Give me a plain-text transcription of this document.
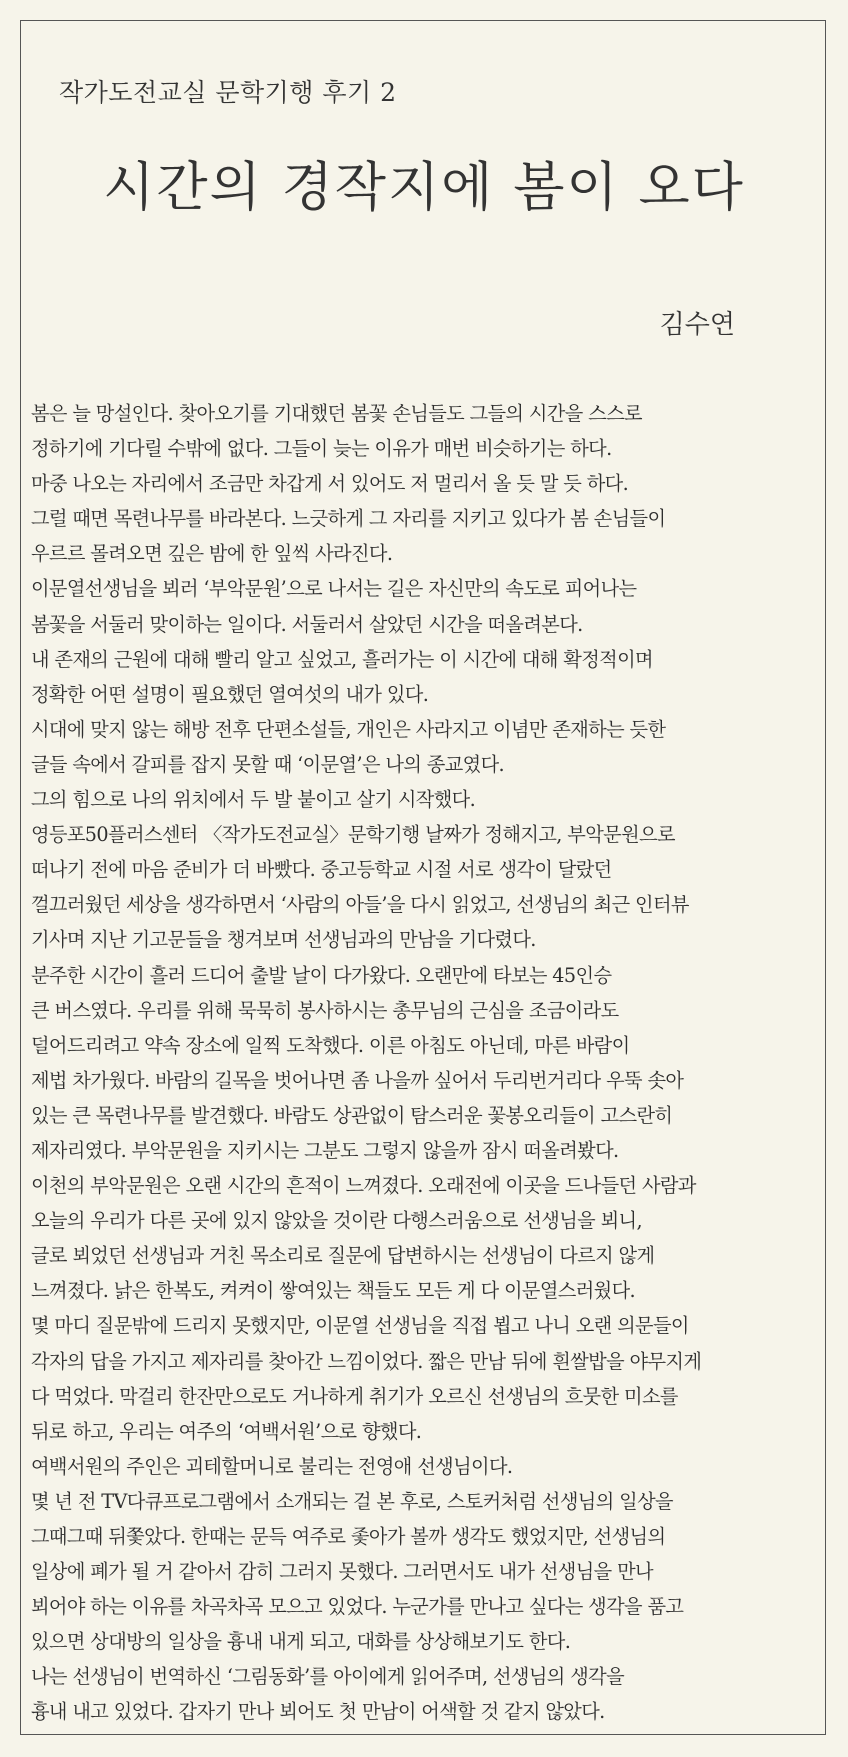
작가도전교실 문학기행 후기 2
시간의 경작지에 봄이 오다
김수연
봄은 늘 망설인다. 찾아오기를 기대했던 봄꽃 손님들도 그들의 시간을 스스로
정하기에 기다릴 수밖에 없다. 그들이 늦는 이유가 매번 비슷하기는 하다.
마중 나오는 자리에서 조금만 차갑게 서 있어도 저 멀리서 올 듯 말 듯 하다.
그럴 때면 목련나무를 바라본다. 느긋하게 그 자리를 지키고 있다가 봄 손님들이
우르르 몰려오면 깊은 밤에 한 잎씩 사라진다.
이문열선생님을 뵈러 ‘부악문원’으로 나서는 길은 자신만의 속도로 피어나는
봄꽃을 서둘러 맞이하는 일이다. 서둘러서 살았던 시간을 떠올려본다.
내 존재의 근원에 대해 빨리 알고 싶었고, 흘러가는 이 시간에 대해 확정적이며
정확한 어떤 설명이 필요했던 열여섯의 내가 있다.
시대에 맞지 않는 해방 전후 단편소설들, 개인은 사라지고 이념만 존재하는 듯한
글들 속에서 갈피를 잡지 못할 때 ‘이문열’은 나의 종교였다.
그의 힘으로 나의 위치에서 두 발 붙이고 살기 시작했다.
영등포50플러스센터 〈작가도전교실〉문학기행 날짜가 정해지고, 부악문원으로
떠나기 전에 마음 준비가 더 바빴다. 중고등학교 시절 서로 생각이 달랐던
껄끄러웠던 세상을 생각하면서 ‘사람의 아들’을 다시 읽었고, 선생님의 최근 인터뷰
기사며 지난 기고문들을 챙겨보며 선생님과의 만남을 기다렸다.
분주한 시간이 흘러 드디어 출발 날이 다가왔다. 오랜만에 타보는 45인승
큰 버스였다. 우리를 위해 묵묵히 봉사하시는 총무님의 근심을 조금이라도
덜어드리려고 약속 장소에 일찍 도착했다. 이른 아침도 아닌데, 마른 바람이
제법 차가웠다. 바람의 길목을 벗어나면 좀 나을까 싶어서 두리번거리다 우뚝 솟아
있는 큰 목련나무를 발견했다. 바람도 상관없이 탐스러운 꽃봉오리들이 고스란히
제자리였다. 부악문원을 지키시는 그분도 그렇지 않을까 잠시 떠올려봤다.
이천의 부악문원은 오랜 시간의 흔적이 느껴졌다. 오래전에 이곳을 드나들던 사람과
오늘의 우리가 다른 곳에 있지 않았을 것이란 다행스러움으로 선생님을 뵈니,
글로 뵈었던 선생님과 거친 목소리로 질문에 답변하시는 선생님이 다르지 않게
느껴졌다. 낡은 한복도, 켜켜이 쌓여있는 책들도 모든 게 다 이문열스러웠다.
몇 마디 질문밖에 드리지 못했지만, 이문열 선생님을 직접 뵙고 나니 오랜 의문들이
각자의 답을 가지고 제자리를 찾아간 느낌이었다. 짧은 만남 뒤에 흰쌀밥을 야무지게
다 먹었다. 막걸리 한잔만으로도 거나하게 취기가 오르신 선생님의 흐뭇한 미소를
뒤로 하고, 우리는 여주의 ‘여백서원’으로 향했다.
여백서원의 주인은 괴테할머니로 불리는 전영애 선생님이다.
몇 년 전 TV다큐프로그램에서 소개되는 걸 본 후로, 스토커처럼 선생님의 일상을
그때그때 뒤쫓았다. 한때는 문득 여주로 좇아가 볼까 생각도 했었지만, 선생님의
일상에 폐가 될 거 같아서 감히 그러지 못했다. 그러면서도 내가 선생님을 만나
뵈어야 하는 이유를 차곡차곡 모으고 있었다. 누군가를 만나고 싶다는 생각을 품고
있으면 상대방의 일상을 흉내 내게 되고, 대화를 상상해보기도 한다.
나는 선생님이 번역하신 ‘그림동화’를 아이에게 읽어주며, 선생님의 생각을
흉내 내고 있었다. 갑자기 만나 뵈어도 첫 만남이 어색할 것 같지 않았다.
